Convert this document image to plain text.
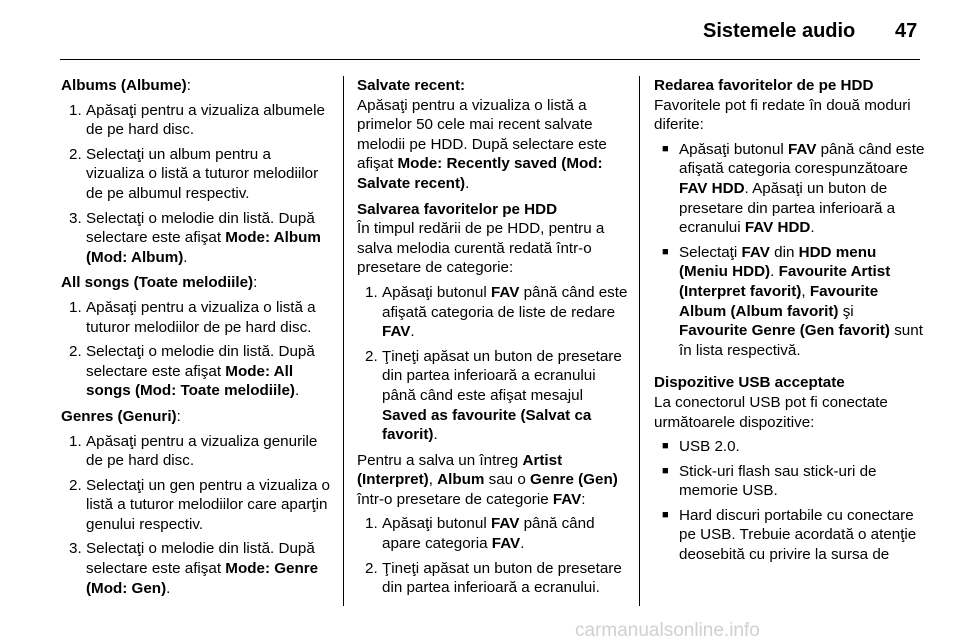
Sistemele audio 47

Albums (Albume):

1. Apăsaţi pentru a vizualiza albumele de pe hard disc.
2. Selectaţi un album pentru a vizualiza o listă a tuturor melodiilor de pe albumul respectiv.
3. Selectaţi o melodie din listă. După selectare este afişat Mode: Album (Mod: Album).

All songs (Toate melodiile):

1. Apăsaţi pentru a vizualiza o listă a tuturor melodiilor de pe hard disc.
2. Selectaţi o melodie din listă. După selectare este afişat Mode: All songs (Mod: Toate melodiile).

Genres (Genuri):

1. Apăsaţi pentru a vizualiza genurile de pe hard disc.
2. Selectaţi un gen pentru a vizualiza o listă a tuturor melodiilor care aparţin genului respectiv.
3. Selectaţi o melodie din listă. După selectare este afişat Mode: Genre (Mod: Gen).

Salvate recent:

Apăsaţi pentru a vizualiza o listă a primelor 50 cele mai recent salvate melodii pe HDD. După selectare este afişat Mode: Recently saved (Mod: Salvate recent).

Salvarea favoritelor pe HDD

În timpul redării de pe HDD, pentru a salva melodia curentă redată într-o presetare de categorie:

1. Apăsaţi butonul FAV până când este afişată categoria de liste de redare FAV.
2. Ţineţi apăsat un buton de presetare din partea inferioară a ecranului până când este afişat mesajul Saved as favourite (Salvat ca favorit).

Pentru a salva un întreg Artist (Interpret), Album sau o Genre (Gen) într-o presetare de categorie FAV:

1. Apăsaţi butonul FAV până când apare categoria FAV.
2. Ţineţi apăsat un buton de presetare din partea inferioară a ecranului.

Redarea favoritelor de pe HDD

Favoritele pot fi redate în două moduri diferite:

■ Apăsaţi butonul FAV până când este afişată categoria corespunzătoare FAV HDD. Apăsaţi un buton de presetare din partea inferioară a ecranului FAV HDD.
■ Selectaţi FAV din HDD menu (Meniu HDD). Favourite Artist (Interpret favorit), Favourite Album (Album favorit) şi Favourite Genre (Gen favorit) sunt în lista respectivă.

Dispozitive USB acceptate

La conectorul USB pot fi conectate următoarele dispozitive:

■ USB 2.0.
■ Stick-uri flash sau stick-uri de memorie USB.
■ Hard discuri portabile cu conectare pe USB. Trebuie acordată o atenţie deosebită cu privire la sursa de
carmanualsonline.info
